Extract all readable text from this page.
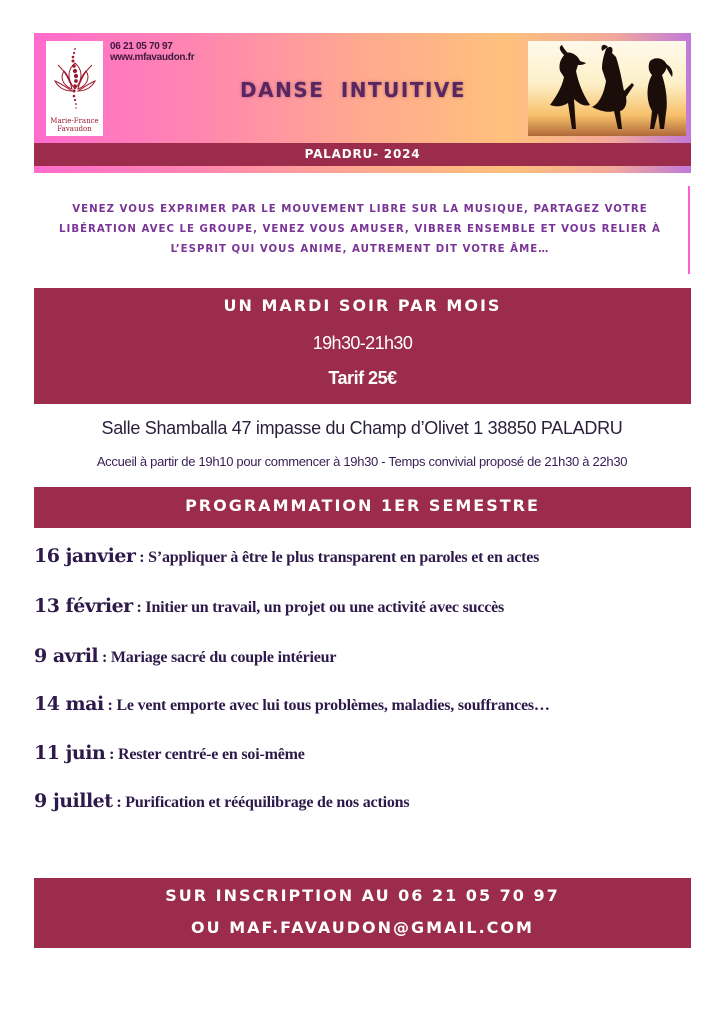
Marie-France
Favaudon
06 21 05 70 97
www.mfavaudon.fr
DANSE INTUITIVE
PALADRU- 2024
VENEZ VOUS EXPRIMER PAR LE MOUVEMENT LIBRE SUR LA MUSIQUE, PARTAGEZ VOTRE
LIBÉRATION AVEC LE GROUPE, VENEZ VOUS AMUSER, VIBRER ENSEMBLE ET VOUS RELIER À
L’ESPRIT QUI VOUS ANIME, AUTREMENT DIT VOTRE ÂME…
UN MARDI SOIR PAR MOIS
19h30-21h30
Tarif 25€
Salle Shamballa 47 impasse du Champ d’Olivet 1 38850 PALADRU
Accueil à partir de 19h10 pour commencer à 19h30 - Temps convivial proposé de 21h30 à 22h30
PROGRAMMATION 1ER SEMESTRE
16 janvier : S’appliquer à être le plus transparent en paroles et en actes
13 février : Initier un travail, un projet ou une activité avec succès
9 avril : Mariage sacré du couple intérieur
14 mai : Le vent emporte avec lui tous problèmes, maladies, souffrances…
11 juin : Rester centré-e en soi-même
9 juillet : Purification et rééquilibrage de nos actions
SUR INSCRIPTION AU 06 21 05 70 97
OU MAF.FAVAUDON@GMAIL.COM
